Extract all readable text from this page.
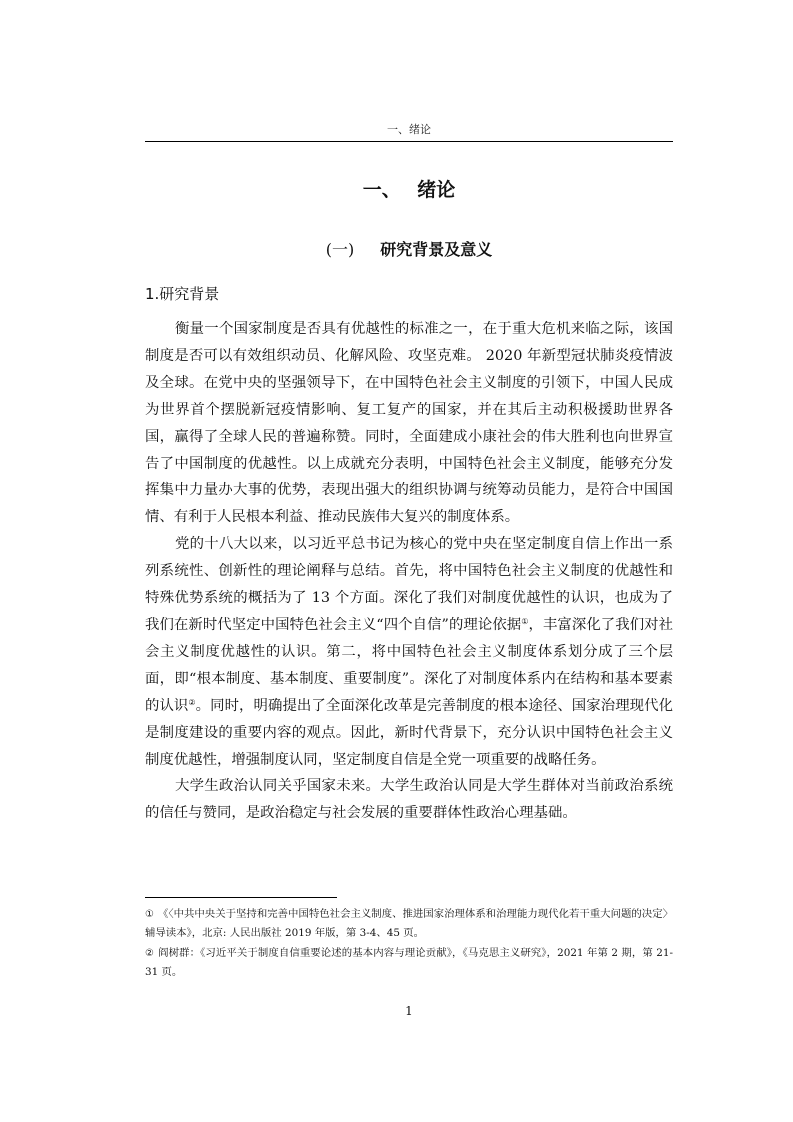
一、绪论
一、 绪论
(一) 研究背景及意义
1.研究背景

衡量一个国家制度是否具有优越性的标准之一，在于重大危机来临之际，该国制度是否可以有效组织动员、化解风险、攻坚克难。 2020 年新型冠状肺炎疫情波及全球。在党中央的坚强领导下，在中国特色社会主义制度的引领下，中国人民成为世界首个摆脱新冠疫情影响、复工复产的国家，并在其后主动积极援助世界各国，赢得了全球人民的普遍称赞。同时，全面建成小康社会的伟大胜利也向世界宣告了中国制度的优越性。以上成就充分表明，中国特色社会主义制度，能够充分发挥集中力量办大事的优势，表现出强大的组织协调与统筹动员能力，是符合中国国情、有利于人民根本利益、推动民族伟大复兴的制度体系。

党的十八大以来，以习近平总书记为核心的党中央在坚定制度自信上作出一系列系统性、创新性的理论阐释与总结。首先，将中国特色社会主义制度的优越性和特殊优势系统的概括为了 13 个方面。深化了我们对制度优越性的认识，也成为了我们在新时代坚定中国特色社会主义“四个自信”的理论依据①，丰富深化了我们对社会主义制度优越性的认识。第二，将中国特色社会主义制度体系划分成了三个层面，即“根本制度、基本制度、重要制度”。深化了对制度体系内在结构和基本要素的认识②。同时，明确提出了全面深化改革是完善制度的根本途径、国家治理现代化是制度建设的重要内容的观点。因此，新时代背景下，充分认识中国特色社会主义制度优越性，增强制度认同，坚定制度自信是全党一项重要的战略任务。

大学生政治认同关乎国家未来。大学生政治认同是大学生群体对当前政治系统的信任与赞同，是政治稳定与社会发展的重要群体性政治心理基础。

① 《〈中共中央关于坚持和完善中国特色社会主义制度、推进国家治理体系和治理能力现代化若干重大问题的决定〉辅导读本》，北京: 人民出版社 2019 年版，第 3-4、45 页。

② 阎树群：《习近平关于制度自信重要论述的基本内容与理论贡献》，《马克思主义研究》，2021 年第 2 期，第 21-31 页。

1
